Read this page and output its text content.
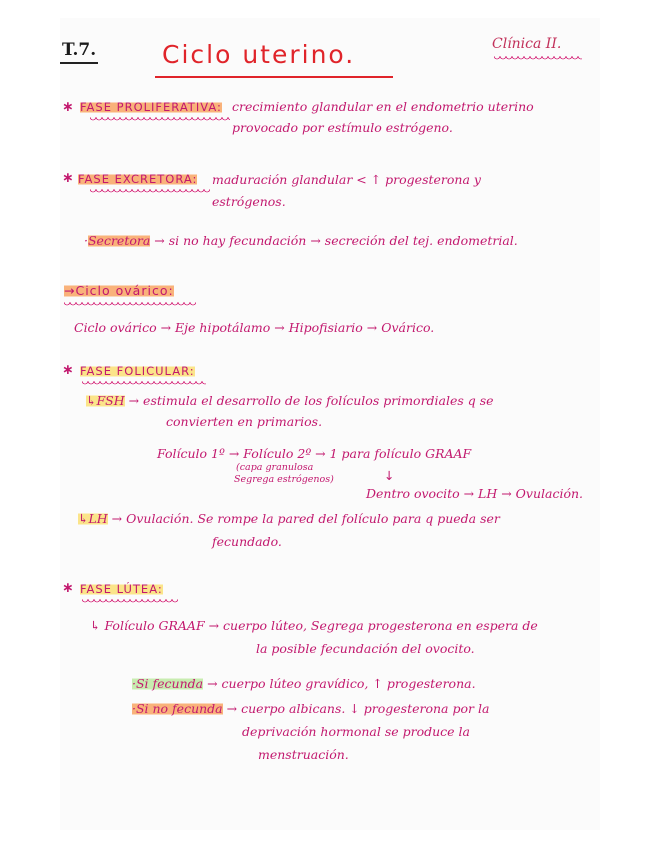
T.7.	Ciclo uterino.	Clínica II.
∗ FASE PROLIFERATIVA: crecimiento glandular en el endometrio uterino
provocado por estímulo estrógeno.
∗ FASE EXCRETORA: maduración glandular < ↑ progesterona y
estrógenos.
·Secretora → si no hay fecundación → secreción del tej. endometrial.
→Ciclo ovárico:
Ciclo ovárico → Eje hipotálamo → Hipofisiario → Ovárico.
∗ FASE FOLICULAR:
↳FSH → estimula el desarrollo de los folículos primordiales q se
convierten en primarios.
Folículo 1º → Folículo 2º → 1 para folículo GRAAF
(capa granulosa
Segrega estrógenos)	↓
Dentro ovocito → LH → Ovulación.
↳LH → Ovulación. Se rompe la pared del folículo para q pueda ser
fecundado.
∗ FASE LÚTEA:
↳ Folículo GRAAF → cuerpo lúteo, Segrega progesterona en espera de
la posible fecundación del ovocito.
·Si fecunda → cuerpo lúteo gravídico, ↑ progesterona.
·Si no fecunda → cuerpo albicans. ↓ progesterona por la
deprivación hormonal se produce la
menstruación.
